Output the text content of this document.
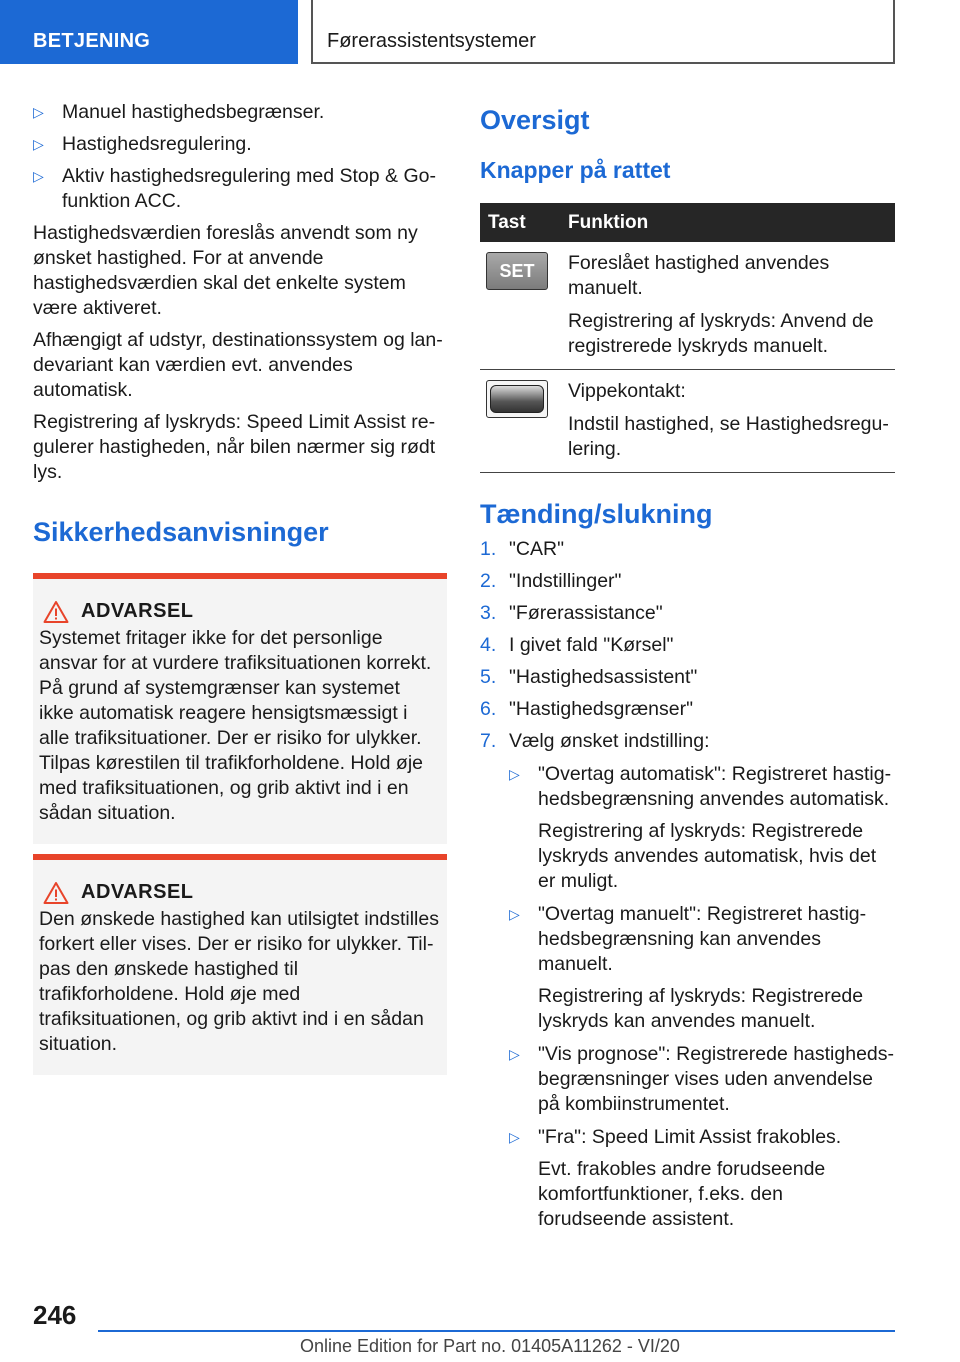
BETJENING	Førerassistentsystemer
▷ Manuel hastighedsbegrænser.
▷ Hastighedsregulering.
▷ Aktiv hastighedsregulering med Stop & Go-funktion ACC.

Hastighedsværdien foreslås anvendt som ny ønsket hastighed. For at anvende hastighedsværdien skal det enkelte system være aktiveret.

Afhængigt af udstyr, destinationssystem og landevariant kan værdien evt. anvendes automatisk.

Registrering af lyskryds: Speed Limit Assist regulerer hastigheden, når bilen nærmer sig rødt lys.

Sikkerhedsanvisninger
ADVARSEL
Systemet fritager ikke for det personlige ansvar for at vurdere trafiksituationen korrekt. På grund af systemgrænser kan systemet ikke automatisk reagere hensigtsmæssigt i alle trafiksituationer. Der er risiko for ulykker. Tilpas kørestilen til trafikforholdene. Hold øje med trafiksituationen, og grib aktivt ind i en sådan situation.
ADVARSEL
Den ønskede hastighed kan utilsigtet indstilles forkert eller vises. Der er risiko for ulykker. Tilpas den ønskede hastighed til trafikforholdene. Hold øje med trafiksituationen, og grib aktivt ind i en sådan situation.
Oversigt
Knapper på rattet
Tast	Funktion

SET	Foreslået hastighed anvendes manuelt.

Registrering af lyskryds: Anvend de registrerede lyskryds manuelt.

	Vippekontakt:

Indstil hastighed, se Hastighedsregulering.

Tænding/slukning
1. "CAR"
2. "Indstillinger"
3. "Førerassistance"
4. I givet fald "Kørsel"
5. "Hastighedsassistent"
6. "Hastighedsgrænser"
7. Vælg ønsket indstilling:
▷ "Overtag automatisk": Registreret hastighedsbegrænsning anvendes automatisk.

Registrering af lyskryds: Registrerede lyskryds anvendes automatisk, hvis det er muligt.

▷ "Overtag manuelt": Registreret hastighedsbegrænsning kan anvendes manuelt.

Registrering af lyskryds: Registrerede lyskryds kan anvendes manuelt.

▷ "Vis prognose": Registrerede hastighedsbegrænsninger vises uden anvendelse på kombiinstrumentet.

▷ "Fra": Speed Limit Assist frakobles.

Evt. frakobles andre forudseende komfortfunktioner, f.eks. den forudseende assistent.

246
Online Edition for Part no. 01405A11262 - VI/20
